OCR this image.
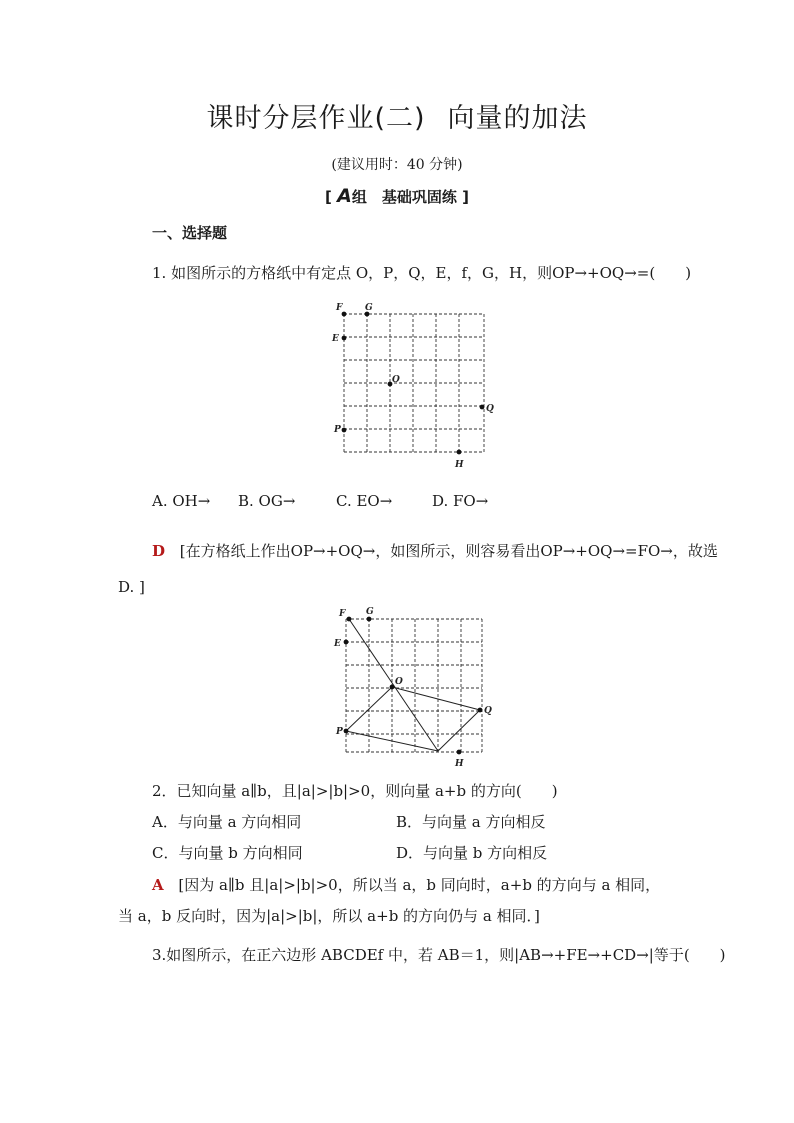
课时分层作业(二) 向量的加法
(建议用时：40 分钟)
[ A组　基础巩固练 ]
一、选择题
1. 如图所示的方格纸中有定点 O，P，Q，E，f，G，H，则OP→+OQ→=(　　)
F	G
E
O
Q
P
H
A. OH→ B. OG→	C. EO→	D. FO→
D [在方格纸上作出OP→+OQ→，如图所示，则容易看出OP→+OQ→=FO→，故选
D. ]
F G
E
O
Q
P
H
2．已知向量 a∥b，且|a|>|b|>0，则向量 a+b 的方向(　　)
A．与向量 a 方向相同	B．与向量 a 方向相反
C．与向量 b 方向相同	D．与向量 b 方向相反
A [因为 a∥b 且|a|>|b|>0，所以当 a，b 同向时，a+b 的方向与 a 相同，
当 a，b 反向时，因为|a|>|b|，所以 a+b 的方向仍与 a 相同．]
3.如图所示，在正六边形 ABCDEf 中，若 AB＝1，则|AB→+FE→+CD→|等于(　　)
